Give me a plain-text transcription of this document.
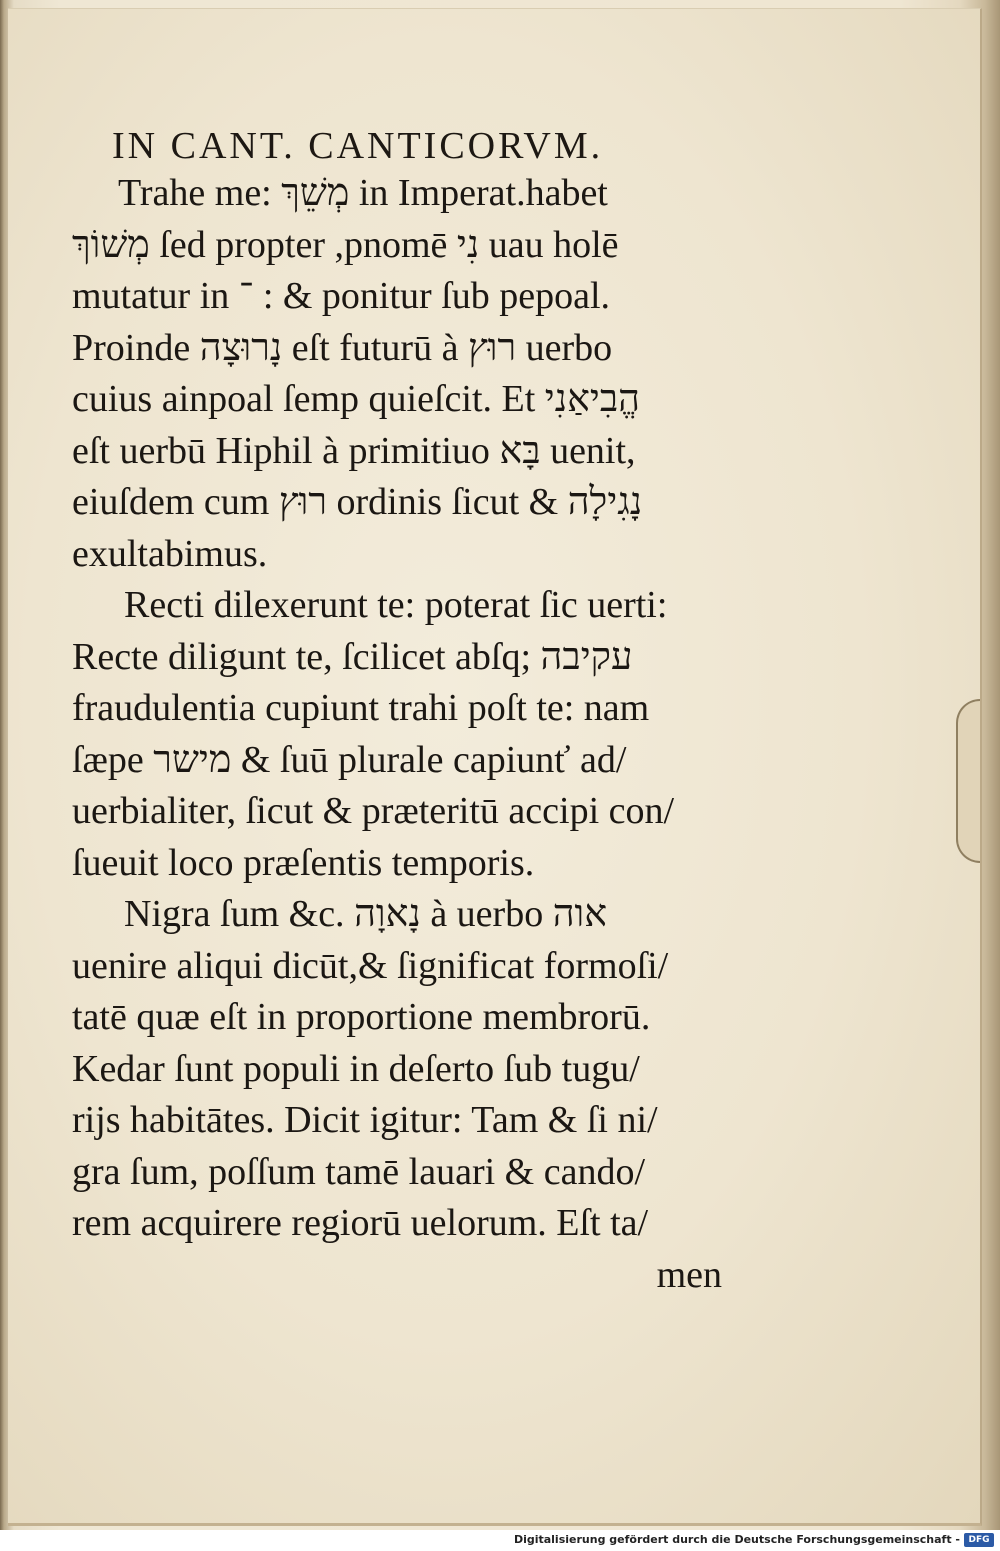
IN CANT. CANTICORVM.
Trahe me: מְשֵׁךְ in Imperat.habet
מְשׁוֹךְ ſed propter ,pnomē נִי uau holē
mutatur in ־ : & ponitur ſub pepoal.
Proinde נָרוּצָה eſt futurū à רוּץ uerbo
cuius ainpoal ſemp quieſcit. Et הֱבִיאַנִי
eſt uerbū Hiphil à primitiuo בָּא uenit,
eiuſdem cum רוּץ ordinis ſicut & נָגִילָה
exultabimus.
Recti dilexerunt te: poterat ſic uerti:
Recte diligunt te, ſcilicet abſq; עקיבה
fraudulentia cupiunt trahi poſt te: nam
ſæpe מישר & ſuū plurale capiunť ad/
uerbialiter, ſicut & præteritū accipi con/
ſueuit loco præſentis temporis.
Nigra ſum &c. נָאוָה à uerbo אוה
uenire aliqui dicūt,& ſignificat formoſi/
tatē quæ eſt in proportione membrorū.
Kedar ſunt populi in deſerto ſub tugu/
rijs habitātes. Dicit igitur: Tam & ſi ni/
gra ſum, poſſum tamē lauari & cando/
rem acquirere regiorū uelorum. Eſt ta/
men
Digitalisierung gefördert durch die Deutsche Forschungsgemeinschaft - DFG
